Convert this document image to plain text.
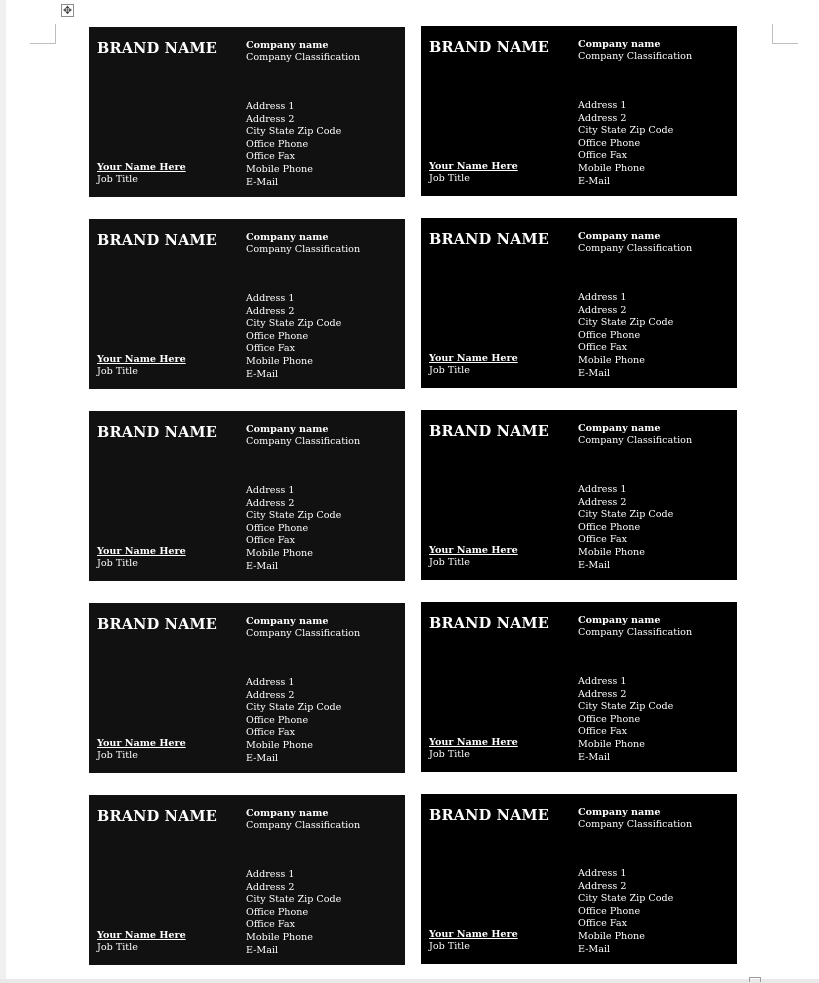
✥
BRAND NAME	Company name
Company Classification
Address 1
Address 2
City State Zip Code
Office Phone
Office Fax
Mobile Phone
E-Mail
Your Name Here
Job Title
BRAND NAME	Company name
Company Classification
Address 1
Address 2
City State Zip Code
Office Phone
Office Fax
Mobile Phone
E-Mail
Your Name Here
Job Title
BRAND NAME	Company name
Company Classification
Address 1
Address 2
City State Zip Code
Office Phone
Office Fax
Mobile Phone
E-Mail
Your Name Here
Job Title
BRAND NAME	Company name
Company Classification
Address 1
Address 2
City State Zip Code
Office Phone
Office Fax
Mobile Phone
E-Mail
Your Name Here
Job Title
BRAND NAME	Company name
Company Classification
Address 1
Address 2
City State Zip Code
Office Phone
Office Fax
Mobile Phone
E-Mail
Your Name Here
Job Title
BRAND NAME	Company name
Company Classification
Address 1
Address 2
City State Zip Code
Office Phone
Office Fax
Mobile Phone
E-Mail
Your Name Here
Job Title
BRAND NAME	Company name
Company Classification
Address 1
Address 2
City State Zip Code
Office Phone
Office Fax
Mobile Phone
E-Mail
Your Name Here
Job Title
BRAND NAME	Company name
Company Classification
Address 1
Address 2
City State Zip Code
Office Phone
Office Fax
Mobile Phone
E-Mail
Your Name Here
Job Title
BRAND NAME	Company name
Company Classification
Address 1
Address 2
City State Zip Code
Office Phone
Office Fax
Mobile Phone
E-Mail
Your Name Here
Job Title
BRAND NAME	Company name
Company Classification
Address 1
Address 2
City State Zip Code
Office Phone
Office Fax
Mobile Phone
E-Mail
Your Name Here
Job Title
